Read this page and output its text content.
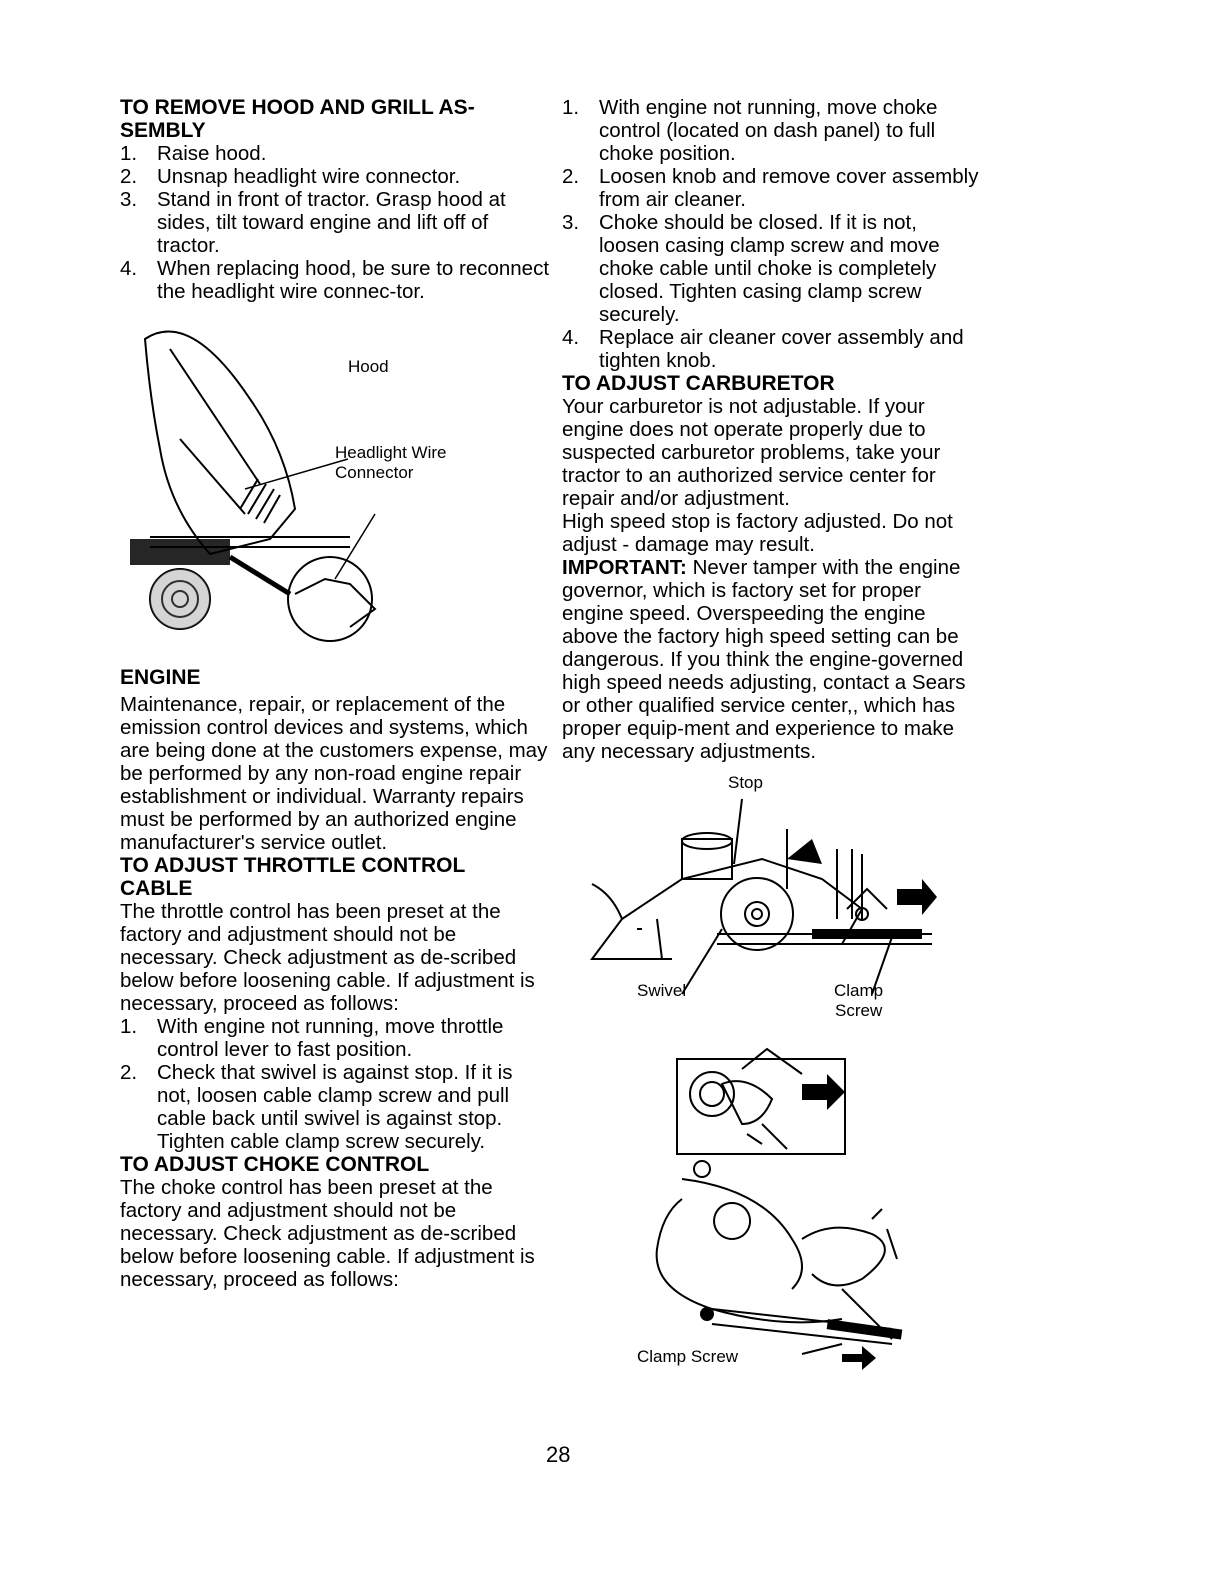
TO REMOVE HOOD AND GRILL AS-
SEMBLY
1. Raise hood.
2. Unsnap headlight wire connector.
3. Stand in front of tractor. Grasp hood at sides, tilt toward engine and lift off of tractor.
4. When replacing hood, be sure to reconnect the headlight wire connec-tor.
Hood
Headlight Wire
Connector
ENGINE

Maintenance, repair, or replacement of the emission control devices and systems, which are being done at the customers expense, may be performed by any non-road engine repair establishment or individual. Warranty repairs must be performed by an authorized engine manufacturer's service outlet.

TO ADJUST THROTTLE CONTROL
CABLE

The throttle control has been preset at the factory and adjustment should not be necessary. Check adjustment as de-scribed below before loosening cable. If adjustment is necessary, proceed as follows:

1. With engine not running, move throttle control lever to fast position.
2. Check that swivel is against stop. If it is not, loosen cable clamp screw and pull cable back until swivel is against stop. Tighten cable clamp screw securely.
TO ADJUST CHOKE CONTROL

The choke control has been preset at the factory and adjustment should not be necessary. Check adjustment as de-scribed below before loosening cable. If adjustment is necessary, proceed as follows:

1. With engine not running, move choke control (located on dash panel) to full choke position.
2. Loosen knob and remove cover assembly from air cleaner.
3. Choke should be closed. If it is not, loosen casing clamp screw and move choke cable until choke is completely closed. Tighten casing clamp screw securely.
4. Replace air cleaner cover assembly and tighten knob.
TO ADJUST CARBURETOR

Your carburetor is not adjustable. If your engine does not operate properly due to suspected carburetor problems, take your tractor to an authorized service center for repair and/or adjustment.

High speed stop is factory adjusted. Do not adjust - damage may result.

IMPORTANT: Never tamper with the engine governor, which is factory set for proper engine speed. Overspeeding the engine above the factory high speed setting can be dangerous. If you think the engine-governed high speed needs adjusting, contact a Sears or other qualified service center,, which has proper equip-ment and experience to make any necessary adjustments.

Stop
Swivel	Clamp
Screw
Clamp Screw
28
